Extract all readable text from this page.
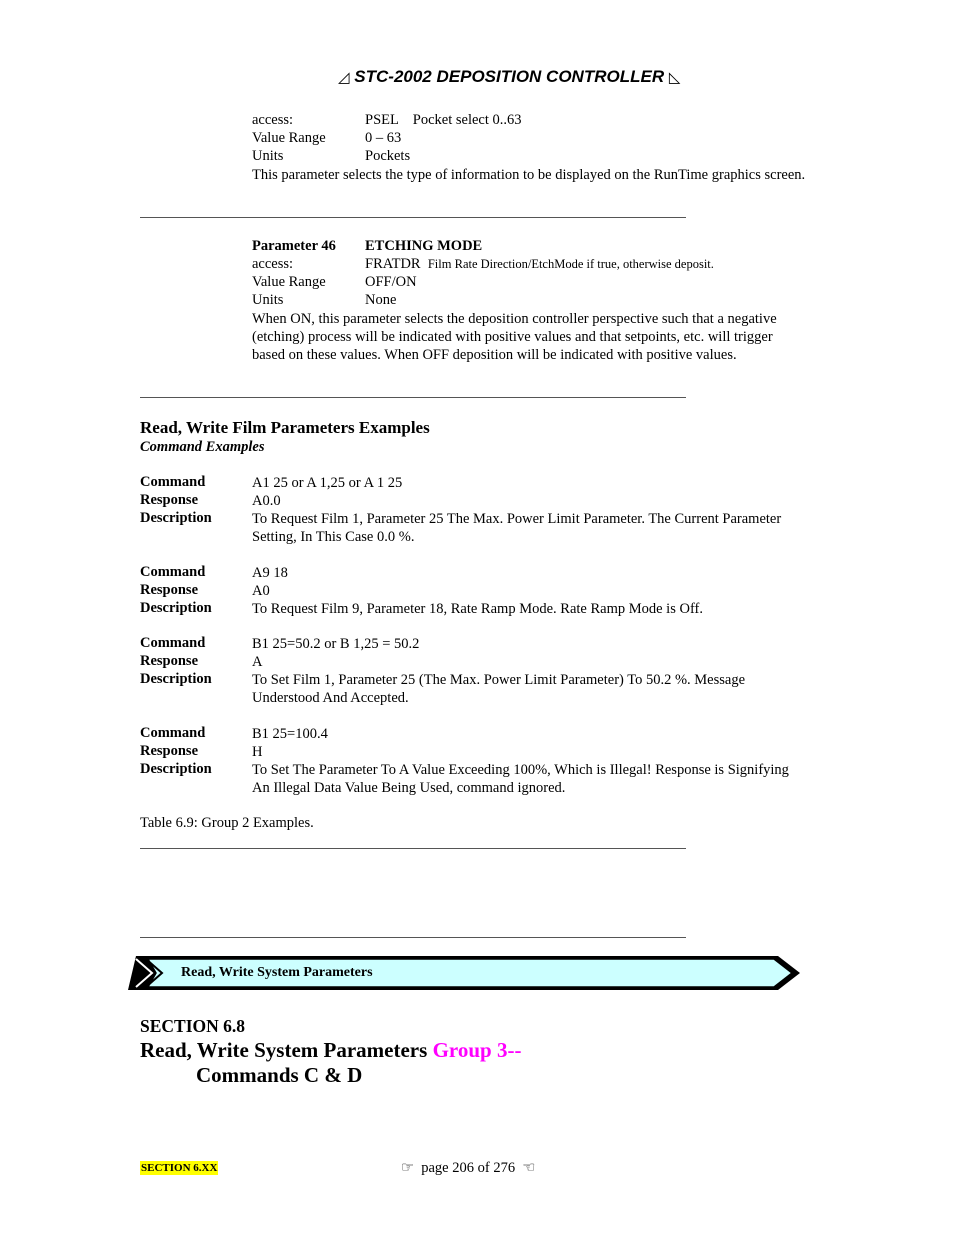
◿ STC-2002 DEPOSITION CONTROLLER ◺
access:	PSEL    Pocket select 0..63
Value Range	0 – 63
Units	Pockets
This parameter selects the type of information to be displayed on the RunTime graphics screen.
Parameter 46 ETCHING MODE
access:	FRATDR Film Rate Direction/EtchMode if true, otherwise deposit.
Value Range	OFF/ON
Units	None
When ON, this parameter selects the deposition controller perspective such that a negative (etching) process will be indicated with positive values and that setpoints, etc. will trigger based on these values. When OFF deposition will be indicated with positive values.
Read, Write Film Parameters Examples
Command Examples
Command	A1 25 or A 1,25 or A 1 25
Response	A0.0
Description	To Request Film 1, Parameter 25 The Max. Power Limit Parameter. The Current Parameter Setting, In This Case 0.0 %.
Command	A9 18
Response	A0
Description	To Request Film 9, Parameter 18, Rate Ramp Mode. Rate Ramp Mode is Off.
Command	B1 25=50.2 or B 1,25 = 50.2
Response	A
Description	To Set Film 1, Parameter 25 (The Max. Power Limit Parameter) To 50.2 %. Message Understood And Accepted.
Command	B1 25=100.4
Response	H
Description	To Set The Parameter To A Value Exceeding 100%, Which is Illegal! Response is Signifying An Illegal Data Value Being Used, command ignored.
Table 6.9: Group 2 Examples.
Read, Write System Parameters
SECTION 6.8
Read, Write System Parameters Group 3--
Commands C & D
SECTION 6.XX	☞ page 206 of 276 ☜
